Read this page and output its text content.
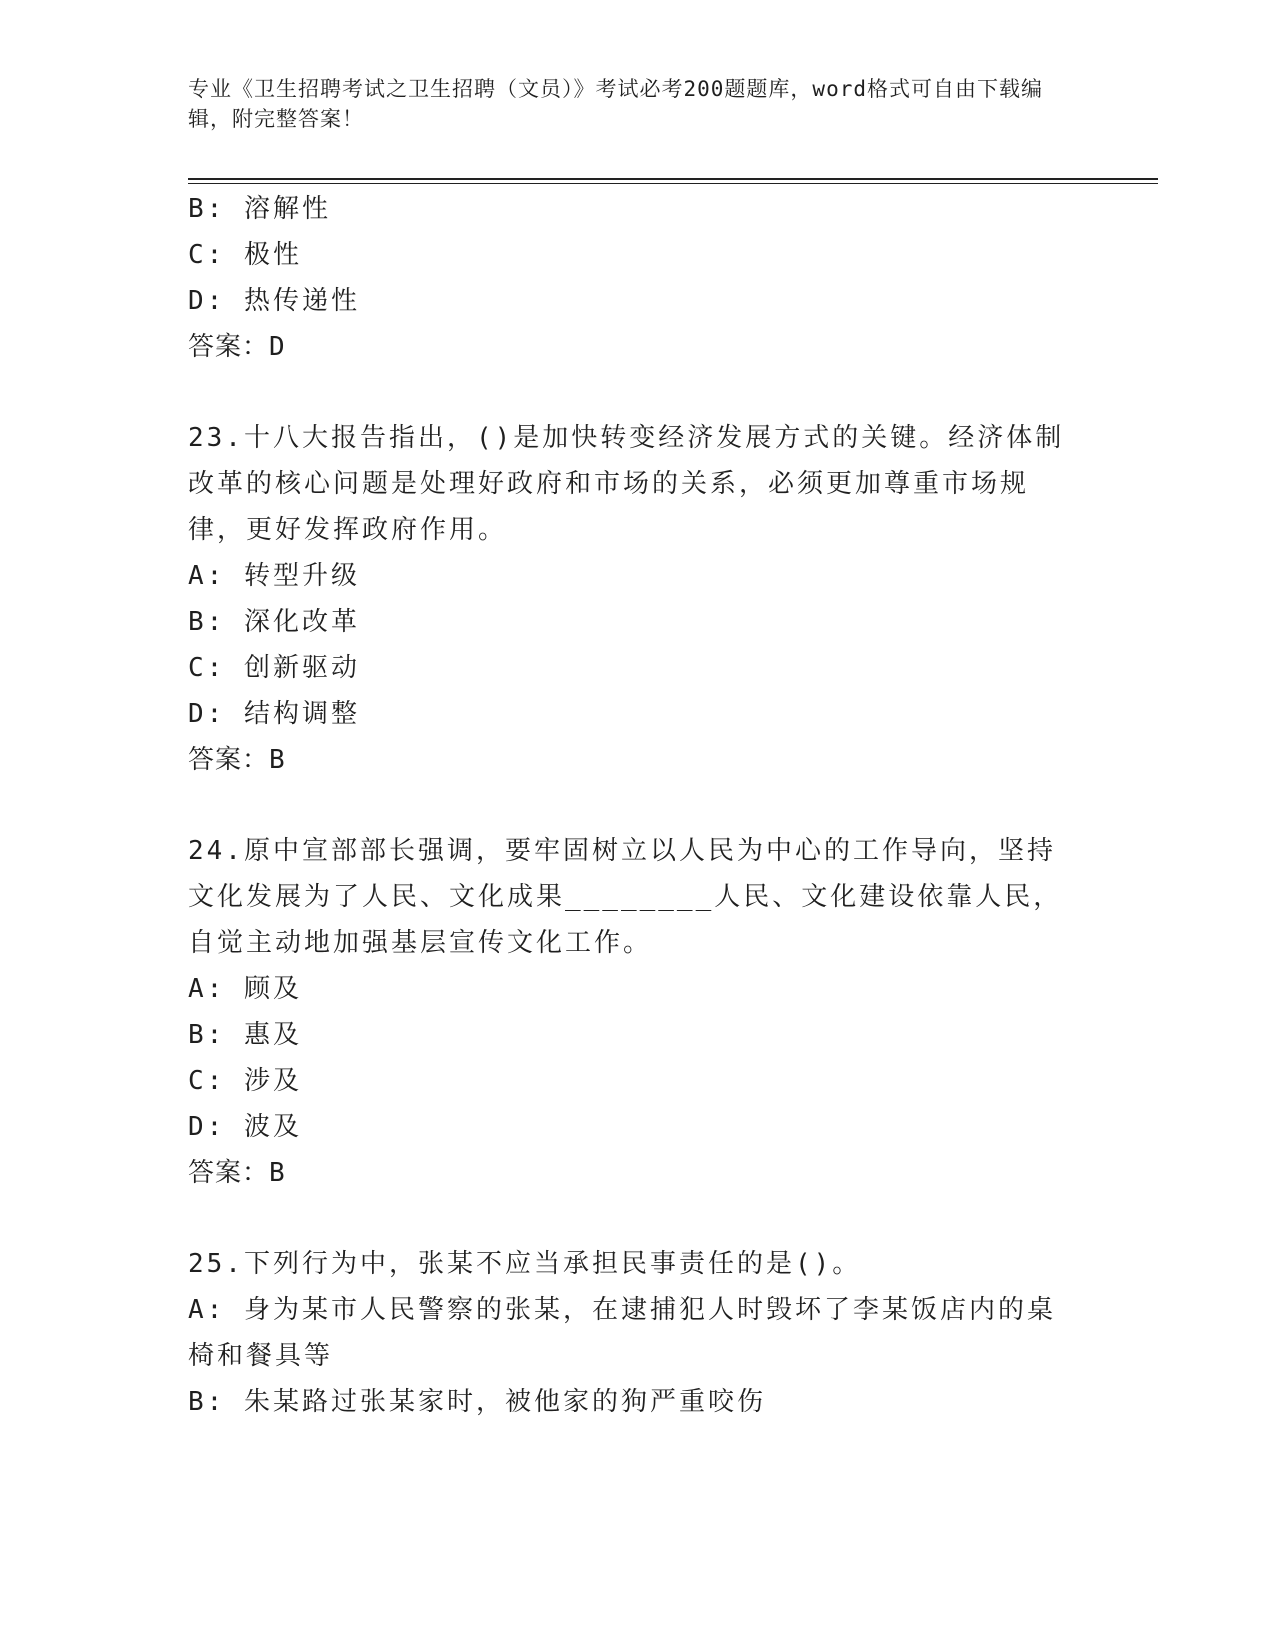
专业《卫生招聘考试之卫生招聘（文员）》考试必考200题题库，word格式可自由下载编辑，附完整答案！
B: 溶解性
C: 极性
D: 热传递性
答案：D
23.十八大报告指出，()是加快转变经济发展方式的关键。经济体制改革的核心问题是处理好政府和市场的关系，必须更加尊重市场规律，更好发挥政府作用。
A: 转型升级
B: 深化改革
C: 创新驱动
D: 结构调整
答案：B
24.原中宣部部长强调，要牢固树立以人民为中心的工作导向，坚持文化发展为了人民、文化成果________人民、文化建设依靠人民，自觉主动地加强基层宣传文化工作。
A: 顾及
B: 惠及
C: 涉及
D: 波及
答案：B
25.下列行为中，张某不应当承担民事责任的是()。
A: 身为某市人民警察的张某，在逮捕犯人时毁坏了李某饭店内的桌椅和餐具等
B: 朱某路过张某家时，被他家的狗严重咬伤
